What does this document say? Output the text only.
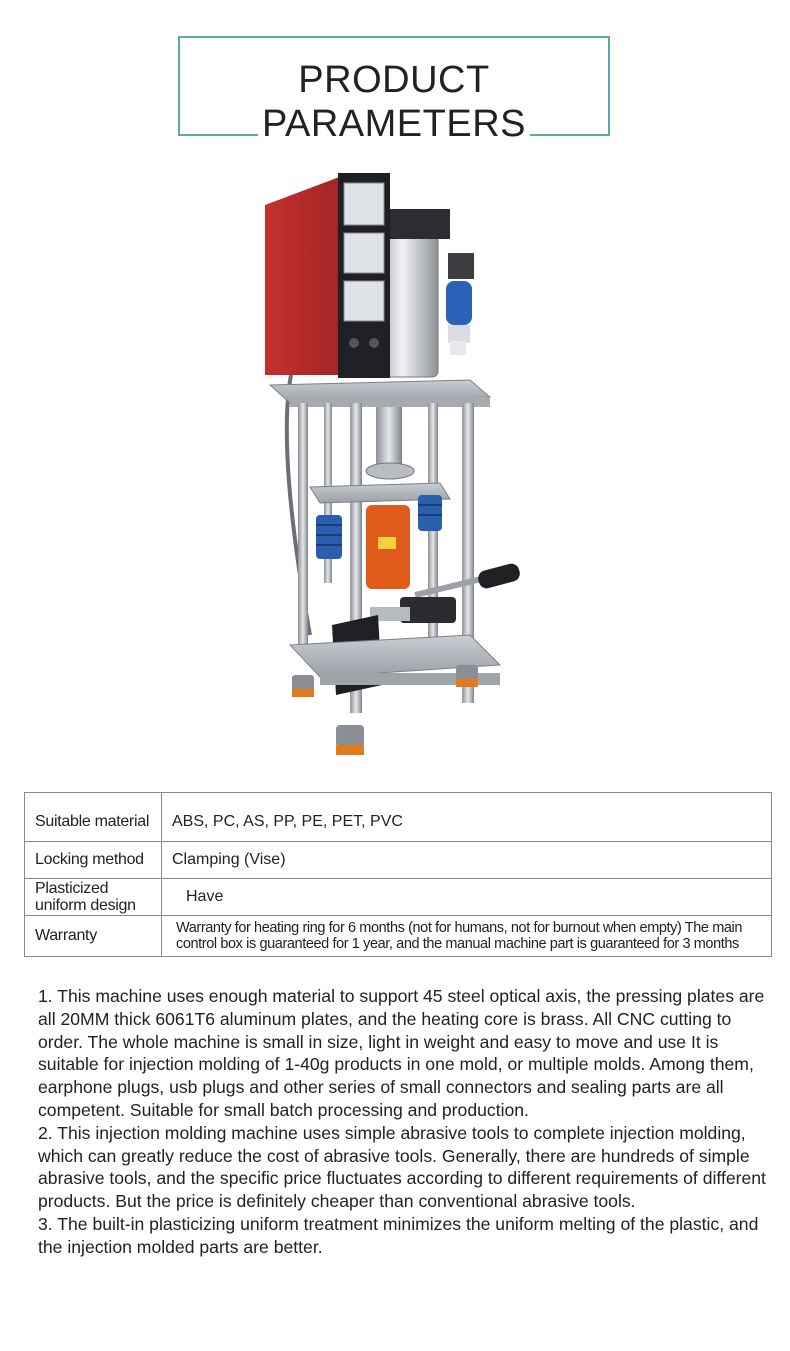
PRODUCT
PARAMETERS
Suitable material	ABS, PC, AS, PP, PE, PET, PVC
Locking method	Clamping (Vise)
Plasticized uniform design	Have
Warranty	Warranty for heating ring for 6 months (not for humans, not for burnout when empty) The main control box is guaranteed for 1 year, and the manual machine part is guaranteed for 3 months

1. This machine uses enough material to support 45 steel optical axis, the pressing plates are all 20MM thick 6061T6 aluminum plates, and the heating core is brass. All CNC cutting to order. The whole machine is small in size, light in weight and easy to move and use It is suitable for injection molding of 1-40g products in one mold, or multiple molds. Among them, earphone plugs, usb plugs and other series of small connectors and sealing parts are all competent. Suitable for small batch processing and production.

2. This injection molding machine uses simple abrasive tools to complete injection molding, which can greatly reduce the cost of abrasive tools. Generally, there are hundreds of simple abrasive tools, and the specific price fluctuates according to different requirements of different products. But the price is definitely cheaper than conventional abrasive tools.

3. The built-in plasticizing uniform treatment minimizes the uniform melting of the plastic, and the injection molded parts are better.
